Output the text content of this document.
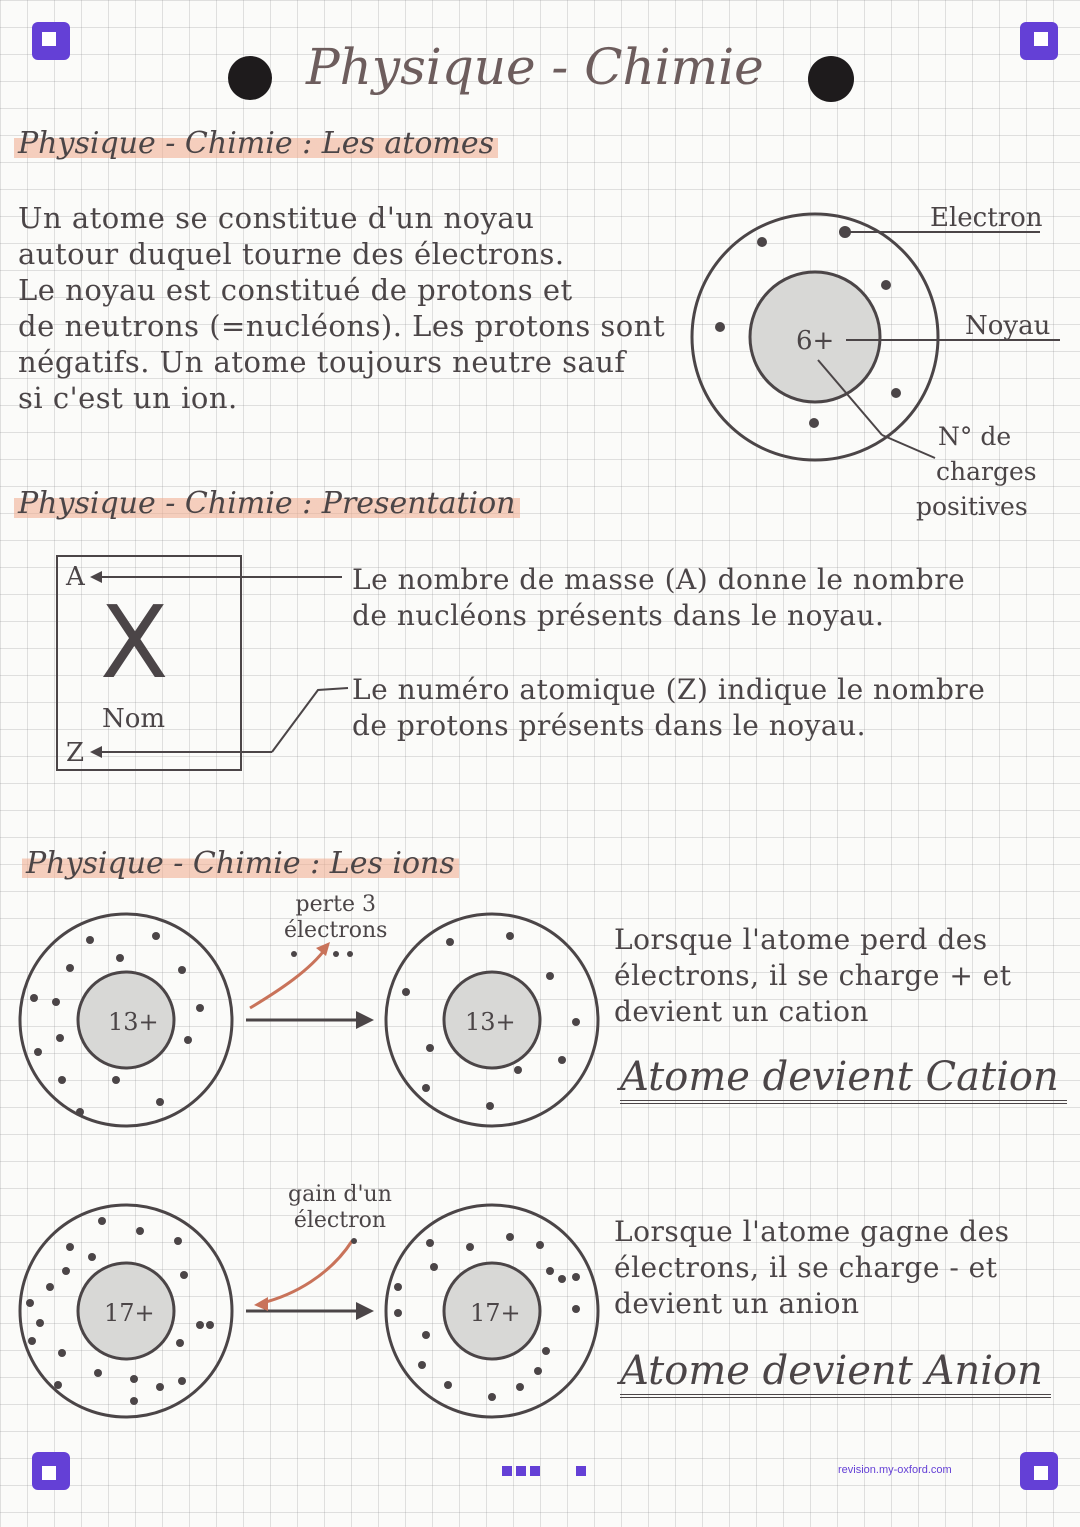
Physique - Chimie
Physique - Chimie : Les atomes
Un atome se constitue d'un noyau
autour duquel tourne des électrons.
Le noyau est constitué de protons et
de neutrons (=nucléons). Les protons sont
négatifs. Un atome toujours neutre sauf
si c'est un ion.
6+
Electron
Noyau
N° de
charges
positives
Physique - Chimie : Presentation
A
X
Nom
Z
Le nombre de masse (A) donne le nombre
de nucléons présents dans le noyau.
Le numéro atomique (Z) indique le nombre
de protons présents dans le noyau.
Physique - Chimie : Les ions
13+	13+
perte 3
électrons	Lorsque l'atome perd des
électrons, il se charge + et
devient un cation
Atome devient Cation
17+	17+
gain d'un
électron	Lorsque l'atome gagne des
électrons, il se charge - et
devient un anion
Atome devient Anion
revision.my-oxford.com
